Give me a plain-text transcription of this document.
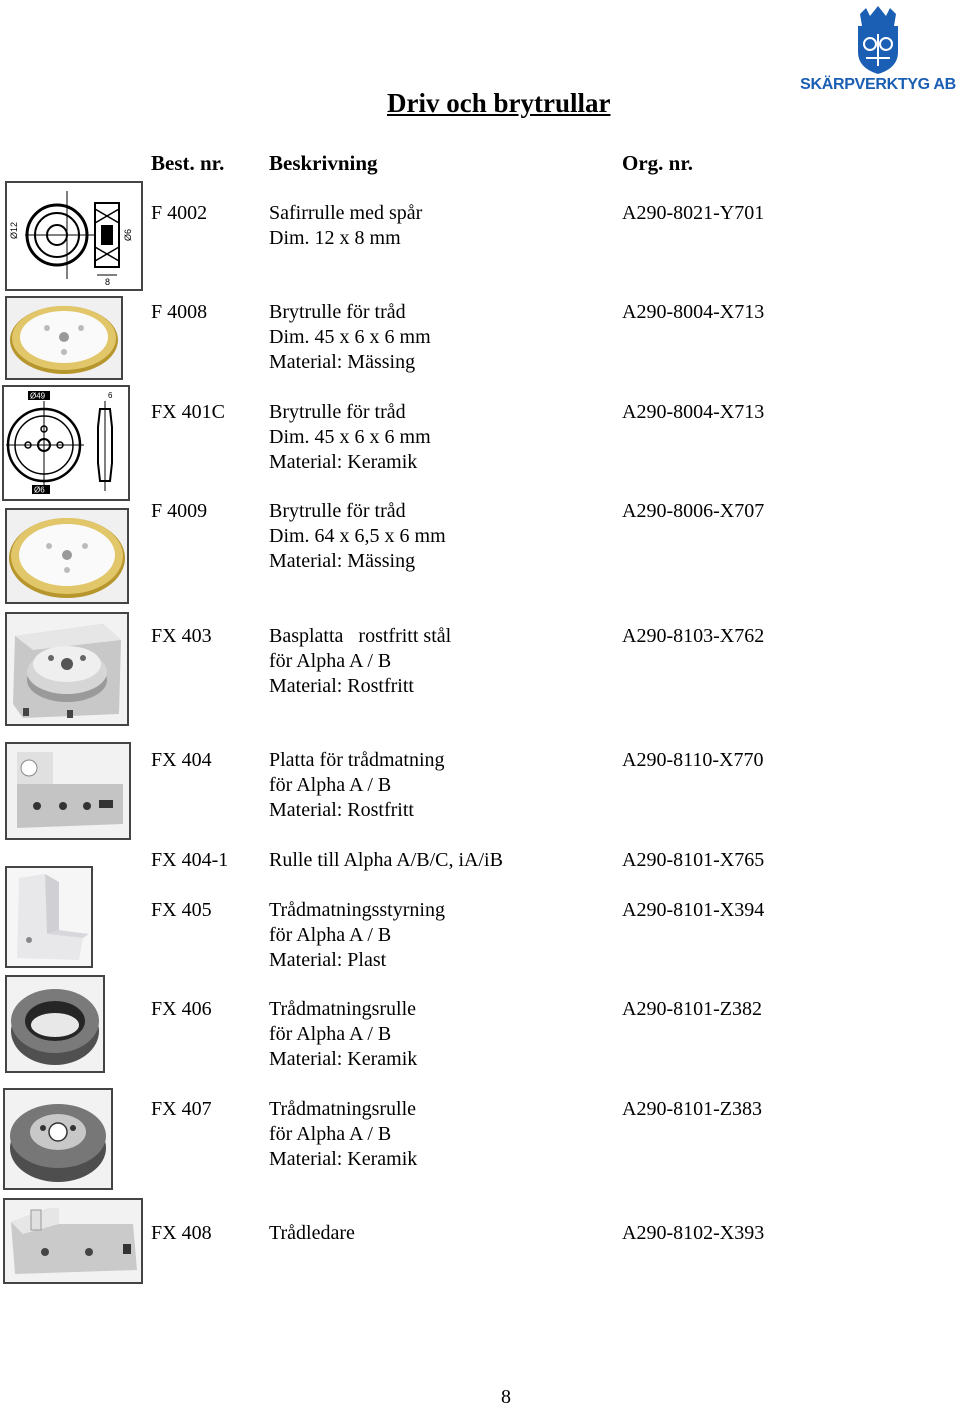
SKÄRPVERKTYG AB
Driv och brytrullar
Best. nr. Beskrivning	Org. nr.
Ø12	Ø6
8
Ø49	6
Ø6
F 4002	Safirrulle med spår
Dim. 12 x 8 mm
A290-8021-Y701
F 4008	Brytrulle för tråd
Dim. 45 x 6 x 6 mm
Material: Mässing
A290-8004-X713
FX 401C Brytrulle för tråd
Dim. 45 x 6 x 6 mm
Material: Keramik
A290-8004-X713
F 4009	Brytrulle för tråd
Dim. 64 x 6,5 x 6 mm
Material: Mässing
A290-8006-X707
FX 403	Basplatta   rostfritt stål
för Alpha A / B
Material: Rostfritt
A290-8103-X762
FX 404	Platta för trådmatning
för Alpha A / B
Material: Rostfritt
A290-8110-X770
FX 404-1 Rulle till Alpha A/B/C, iA/iB	A290-8101-X765
FX 405	Trådmatningsstyrning
för Alpha A / B
Material: Plast
A290-8101-X394
FX 406	Trådmatningsrulle
för Alpha A / B
Material: Keramik
A290-8101-Z382
FX 407	Trådmatningsrulle
för Alpha A / B
Material: Keramik
A290-8101-Z383
FX 408	Trådledare	A290-8102-X393
8
